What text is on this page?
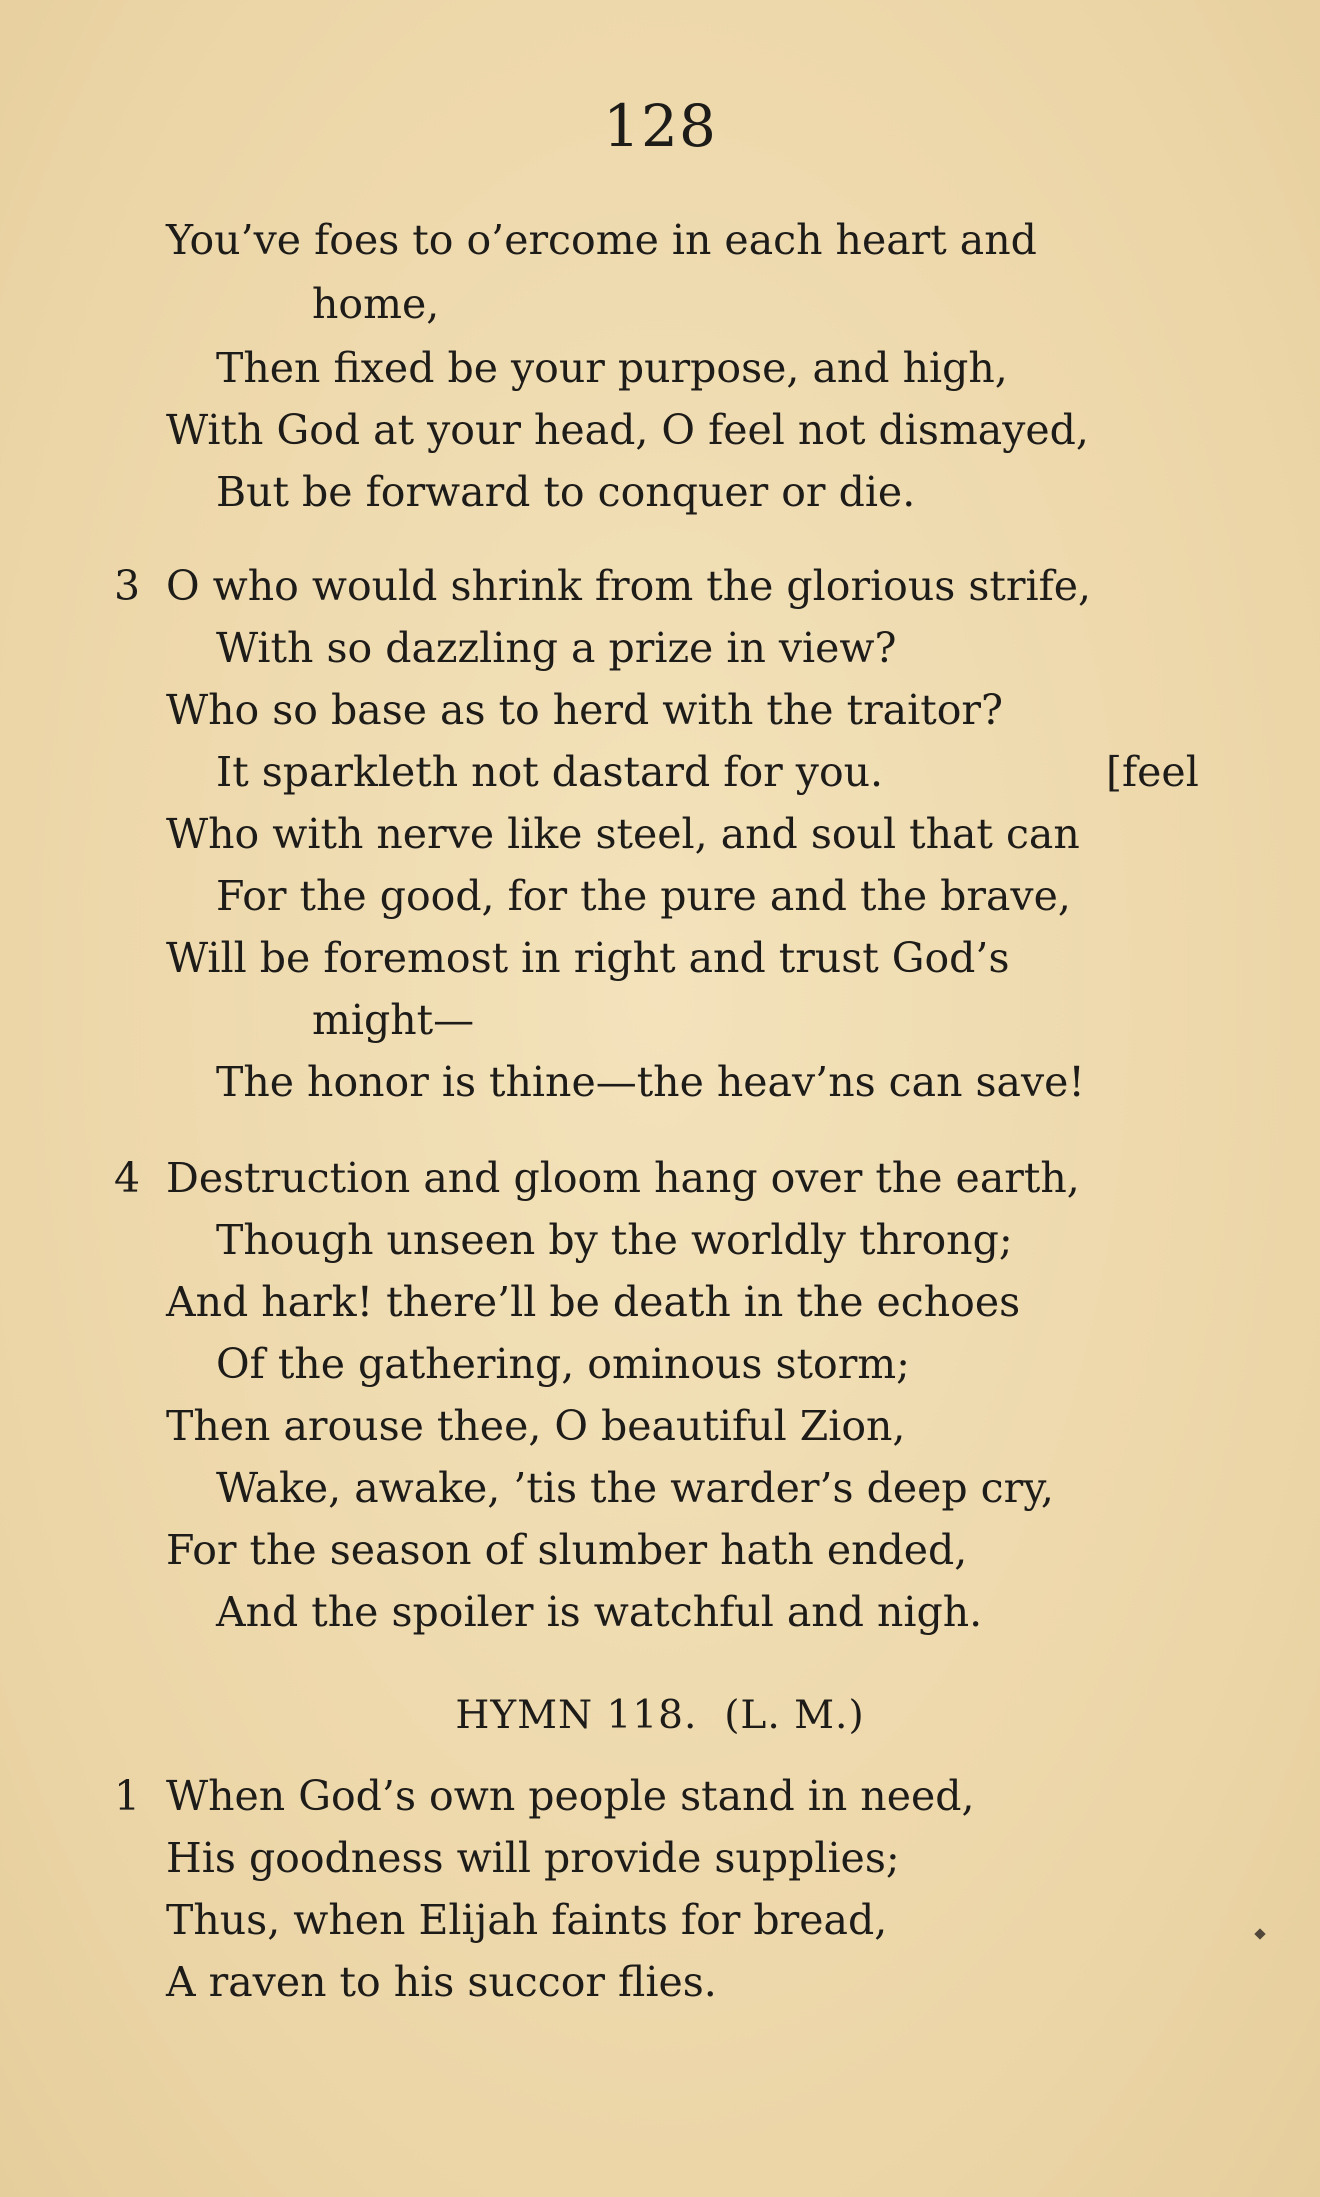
128
You’ve foes to o’ercome in each heart and
home,
Then fixed be your purpose, and high,
With God at your head, O feel not dismayed,
But be forward to conquer or die.
3 O who would shrink from the glorious strife,
With so dazzling a prize in view?
Who so base as to herd with the traitor?
It sparkleth not dastard for you.	[feel
Who with nerve like steel, and soul that can
For the good, for the pure and the brave,
Will be foremost in right and trust God’s
might—
The honor is thine—the heav’ns can save!
4 Destruction and gloom hang over the earth,
Though unseen by the worldly throng;
And hark! there’ll be death in the echoes
Of the gathering, ominous storm;
Then arouse thee, O beautiful Zion,
Wake, awake, ’tis the warder’s deep cry,
For the season of slumber hath ended,
And the spoiler is watchful and nigh.
HYMN 118. (L. M.)
1 When God’s own people stand in need,
His goodness will provide supplies;
Thus, when Elijah faints for bread,
A raven to his succor flies.
